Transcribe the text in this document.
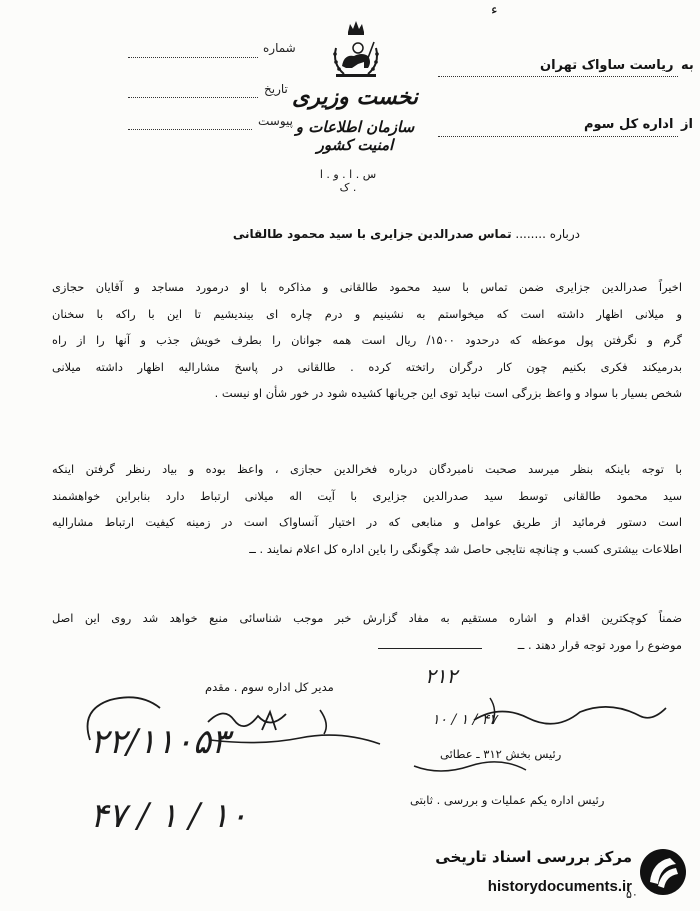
شماره
تاریخ
پیوست
ء
نخست وزیری
سازمان اطلاعات و امنیت کشور
س . ا . و . ا . ک
به
ریاست ساواک تهران
از
اداره کل سوم
درباره ........ تماس صدرالدین جزایری با سید محمود طالقانی
اخیراً صدرالدین جزایری ضمن تماس با سید محمود طالقانی و مذاکره با او درمورد مساجد و آقایان حجازی
و میلانی اظهار داشته است که میخواستم به نشینیم و درم چاره ای بیندیشیم تا این با راکه با سخنان
گرم و نگرفتن پول موعظه که درحدود ۱۵۰۰/ ریال است همه جوانان را بطرف خویش جذب و آنها را از راه
بدرمیکند فکری بکنیم چون کار درگران راتخته کرده . طالقانی در پاسخ مشارالیه اظهار داشته میلانی
شخص بسیار با سواد و واعظ بزرگی است نباید توی این جریانها کشیده شود در خور شأن او نیست .
با توجه باینکه بنظر میرسد صحبت نامبردگان درباره فخرالدین حجازی ، واعظ بوده و بیاد رنظر گرفتن اینکه
سید محمود طالقانی توسط سید صدرالدین جزایری با آیت اله میلانی ارتباط دارد بنابراین خواهشمند
است دستور فرمائید از طریق عوامل و منابعی که در اختیار آنساواک است در زمینه کیفیت ارتباط مشارالیه
اطلاعات بیشتری کسب و چنانچه نتایجی حاصل شد چگونگی را باین اداره کل اعلام نمایند . ــ
ضمناً کوچکترین اقدام و اشاره مستقیم به مفاد گزارش خبر موجب شناسائی منبع خواهد شد روی این اصل
موضوع را مورد توجه قرار دهند . ــ
۲۱۲
مدیر کل اداره سوم . مقدم
۱۰ / ۱ / ۴۷
رئیس بخش ۳۱۲ ـ عطائی
رئیس اداره یکم عملیات و بررسی . ثابتی
۲۲/۱۱۰۵۳
۴۷ / ۱ / ۱۰
۵۰
مرکز بررسی اسناد تاریخی
historydocuments.ir
